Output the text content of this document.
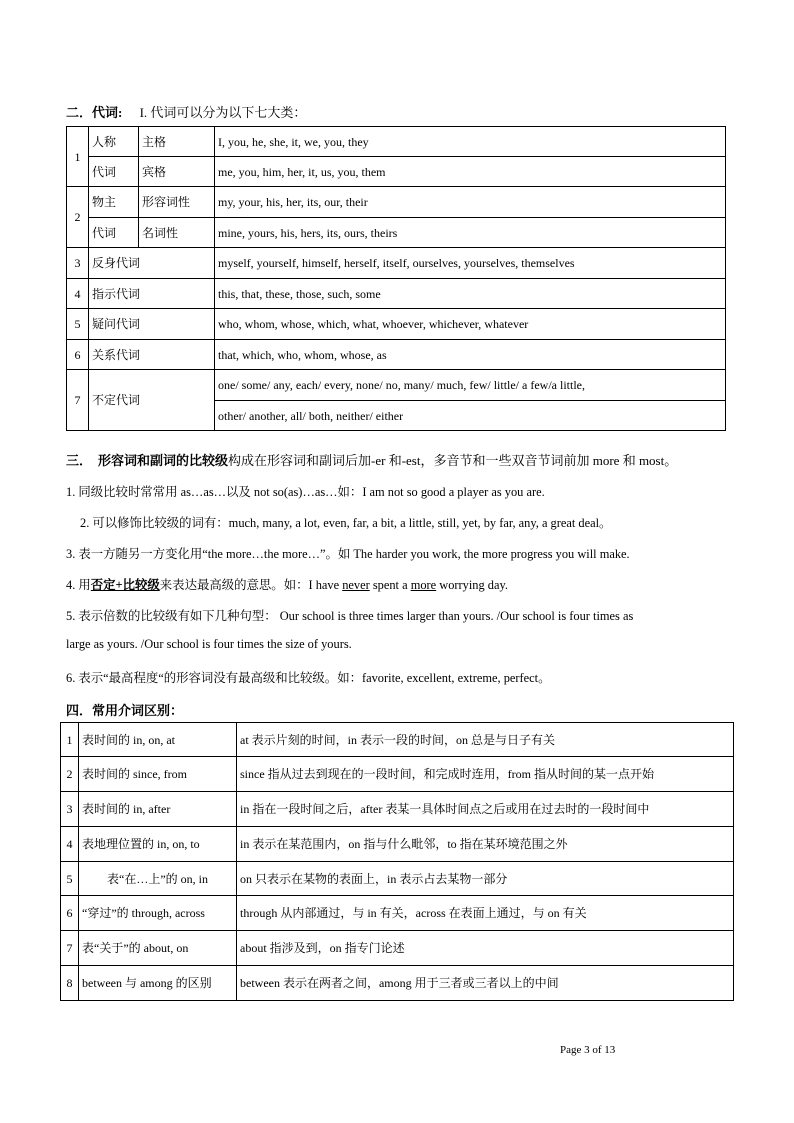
二．代词: I. 代词可以分为以下七大类：
1	人称	主格	I, you, he, she, it, we, you, they
	代词	宾格	me, you, him, her, it, us, you, them
2	物主	形容词性	my, your, his, her, its, our, their
	代词	名词性	mine, yours, his, hers, its, ours, theirs
3	反身代词		myself, yourself, himself, herself, itself, ourselves, yourselves, themselves
4	指示代词		this, that, these, those, such, some
5	疑问代词		who, whom, whose, which, what, whoever, whichever, whatever
6	关系代词		that, which, who, whom, whose, as
7	不定代词		one/ some/ any, each/ every, none/ no, many/ much, few/ little/ a few/a little,
			other/ another, all/ both, neither/ either
三． 形容词和副词的比较级构成在形容词和副词后加-er 和-est，多音节和一些双音节词前加 more 和 most。
1. 同级比较时常常用 as…as…以及 not so(as)…as…如：I am not so good a player as you are.
2. 可以修饰比较级的词有：much, many, a lot, even, far, a bit, a little, still, yet, by far, any, a great deal。
3. 表一方随另一方变化用“the more…the more…”。如 The harder you work, the more progress you will make.
4. 用否定+比较级来表达最高级的意思。如：I have never spent a more worrying day.
5. 表示倍数的比较级有如下几种句型： Our school is three times larger than yours. /Our school is four times as
large as yours. /Our school is four times the size of yours.
6. 表示“最高程度“的形容词没有最高级和比较级。如：favorite, excellent, extreme, perfect。
四．常用介词区别：
1	表时间的 in, on, at	at 表示片刻的时间，in 表示一段的时间，on 总是与日子有关
2	表时间的 since, from	since 指从过去到现在的一段时间，和完成时连用，from 指从时间的某一点开始
3	表时间的 in, after	in 指在一段时间之后，after 表某一具体时间点之后或用在过去时的一段时间中
4	表地理位置的 in, on, to	in 表示在某范围内，on 指与什么毗邻，to 指在某环境范围之外
5	表“在…上”的 on, in	on 只表示在某物的表面上，in 表示占去某物一部分
6	“穿过”的 through, across	through 从内部通过，与 in 有关，across 在表面上通过，与 on 有关
7	表“关于”的 about, on	about 指涉及到，on 指专门论述
8	between 与 among 的区别	between 表示在两者之间，among 用于三者或三者以上的中间
Page 3 of 13
